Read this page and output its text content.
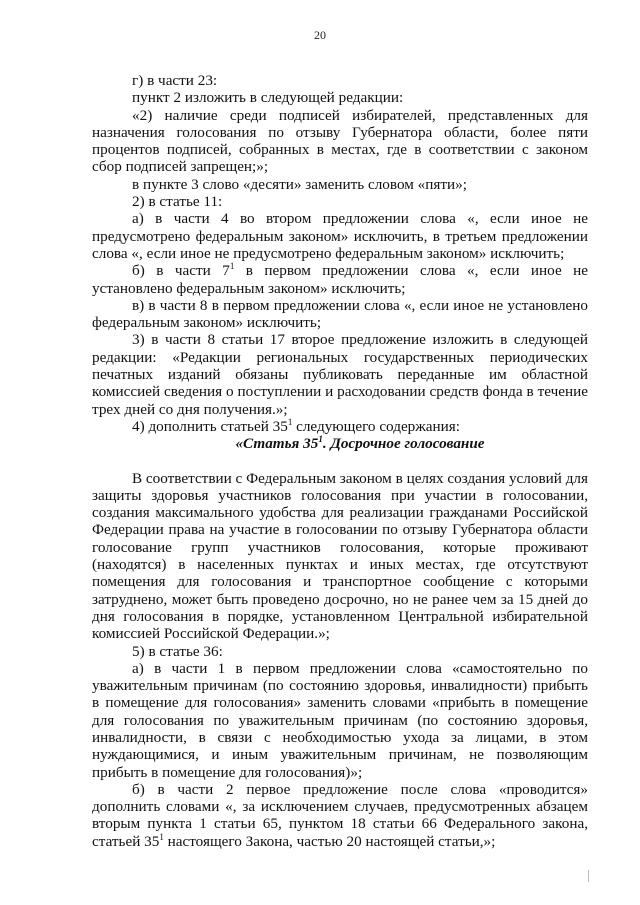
20

г) в части 23:

пункт 2 изложить в следующей редакции:

«2) наличие среди подписей избирателей, представленных для назначения голосования по отзыву Губернатора области, более пяти процентов подписей, собранных в местах, где в соответствии с законом сбор подписей запрещен;»;

в пункте 3 слово «десяти» заменить словом «пяти»;

2) в статье 11:

а) в части 4 во втором предложении слова «, если иное не предусмотрено федеральным законом» исключить, в третьем предложении слова «, если иное не предусмотрено федеральным законом» исключить;

б) в части $7^1$ в первом предложении слова «, если иное не установлено федеральным законом» исключить;

в) в части 8 в первом предложении слова «, если иное не установлено федеральным законом» исключить;

3) в части 8 статьи 17 второе предложение изложить в следующей редакции: «Редакции региональных государственных периодических печатных изданий обязаны публиковать переданные им областной комиссией сведения о поступлении и расходовании средств фонда в течение трех дней со дня получения.»;

4) дополнить статьей $35^1$ следующего содержания:

«Статья $35^1$. Досрочное голосование

В соответствии с Федеральным законом в целях создания условий для защиты здоровья участников голосования при участии в голосовании, создания максимального удобства для реализации гражданами Российской Федерации права на участие в голосовании по отзыву Губернатора области голосование групп участников голосования, которые проживают (находятся) в населенных пунктах и иных местах, где отсутствуют помещения для голосования и транспортное сообщение с которыми затруднено, может быть проведено досрочно, но не ранее чем за 15 дней до дня голосования в порядке, установленном Центральной избирательной комиссией Российской Федерации.»;

5) в статье 36:

а) в части 1 в первом предложении слова «самостоятельно по уважительным причинам (по состоянию здоровья, инвалидности) прибыть в помещение для голосования» заменить словами «прибыть в помещение для голосования по уважительным причинам (по состоянию здоровья, инвалидности, в связи с необходимостью ухода за лицами, в этом нуждающимися, и иным уважительным причинам, не позволяющим прибыть в помещение для голосования)»;

б) в части 2 первое предложение после слова «проводится» дополнить словами «, за исключением случаев, предусмотренных абзацем вторым пункта 1 статьи 65, пунктом 18 статьи 66 Федерального закона, статьей $35^1$ настоящего Закона, частью 20 настоящей статьи,»;
